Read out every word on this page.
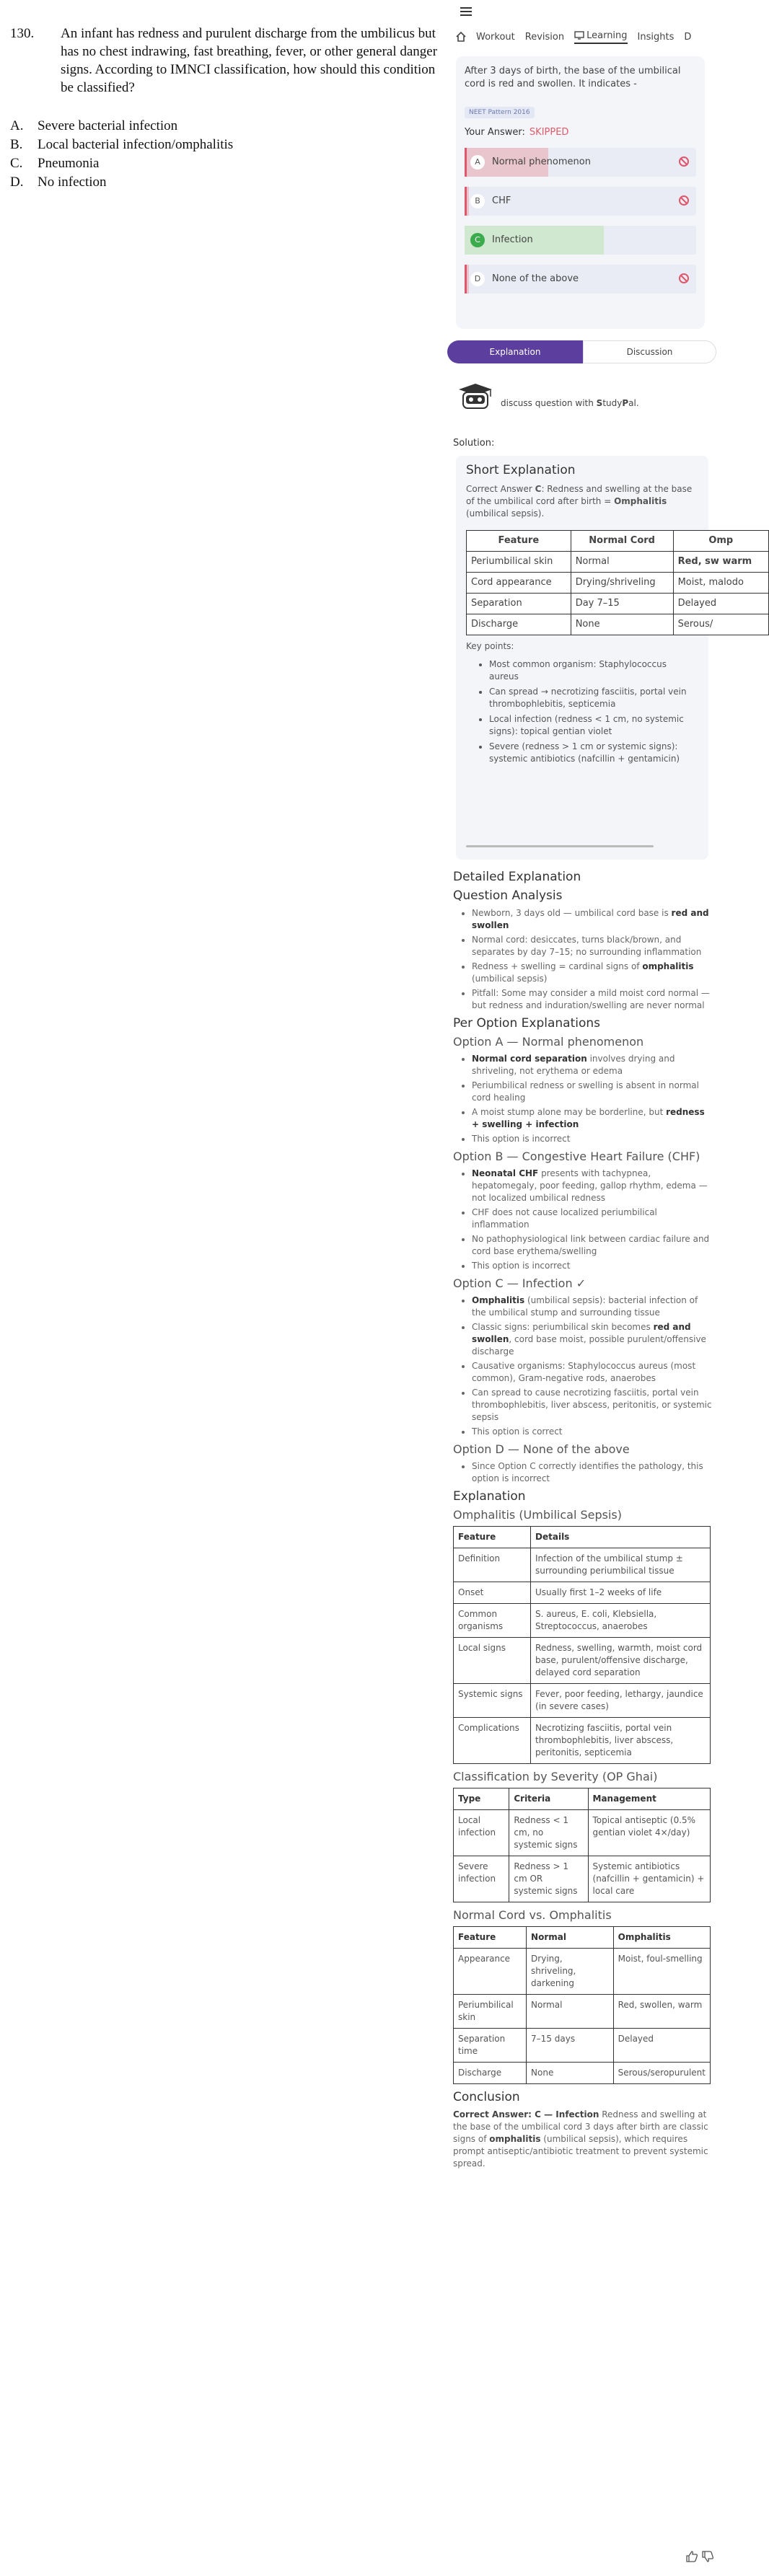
130.	An infant has redness and purulent discharge from the umbilicus but has no chest indrawing, fast breathing, fever, or other general danger signs. According to IMNCI classification, how should this condition be classified?
A. Severe bacterial infection
B. Local bacterial infection/omphalitis
C. Pneumonia
D. No infection
Workout Revision Learning Insights D
After 3 days of birth, the base of the umbilical cord is red and swollen. It indicates -
NEET Pattern 2016
Your Answer: SKIPPED
A	Normal phenomenon
B	CHF
C	Infection
D	None of the above
Explanation	Discussion
discuss question with StudyPal.
Solution:
Short Explanation
Correct Answer C: Redness and swelling at the base of the umbilical cord after birth = Omphalitis (umbilical sepsis).
Feature	Normal Cord	Omp
Periumbilical skin	Normal	Red, sw warm
Cord appearance	Drying/shriveling	Moist, malodo
Separation	Day 7–15	Delayed
Discharge	None	Serous/
Key points:
• Most common organism: Staphylococcus aureus
• Can spread → necrotizing fasciitis, portal vein thrombophlebitis, septicemia
• Local infection (redness < 1 cm, no systemic signs): topical gentian violet
• Severe (redness > 1 cm or systemic signs): systemic antibiotics (nafcillin + gentamicin)
Detailed Explanation
Question Analysis
• Newborn, 3 days old — umbilical cord base is red and swollen
• Normal cord: desiccates, turns black/brown, and separates by day 7–15; no surrounding inflammation
• Redness + swelling = cardinal signs of omphalitis (umbilical sepsis)
• Pitfall: Some may consider a mild moist cord normal — but redness and induration/swelling are never normal
Per Option Explanations
Option A — Normal phenomenon
• Normal cord separation involves drying and shriveling, not erythema or edema
• Periumbilical redness or swelling is absent in normal cord healing
• A moist stump alone may be borderline, but redness + swelling + infection
• This option is incorrect
Option B — Congestive Heart Failure (CHF)
• Neonatal CHF presents with tachypnea, hepatomegaly, poor feeding, gallop rhythm, edema — not localized umbilical redness
• CHF does not cause localized periumbilical inflammation
• No pathophysiological link between cardiac failure and cord base erythema/swelling
• This option is incorrect
Option C — Infection ✓
• Omphalitis (umbilical sepsis): bacterial infection of the umbilical stump and surrounding tissue
• Classic signs: periumbilical skin becomes red and swollen, cord base moist, possible purulent/offensive discharge
• Causative organisms: Staphylococcus aureus (most common), Gram-negative rods, anaerobes
• Can spread to cause necrotizing fasciitis, portal vein thrombophlebitis, liver abscess, peritonitis, or systemic sepsis
• This option is correct
Option D — None of the above
• Since Option C correctly identifies the pathology, this option is incorrect
Explanation
Omphalitis (Umbilical Sepsis)
Feature	Details
Definition	Infection of the umbilical stump ± surrounding periumbilical tissue
Onset	Usually first 1–2 weeks of life
Common organisms	S. aureus, E. coli, Klebsiella, Streptococcus, anaerobes
Local signs	Redness, swelling, warmth, moist cord base, purulent/offensive discharge, delayed cord separation
Systemic signs	Fever, poor feeding, lethargy, jaundice (in severe cases)
Complications	Necrotizing fasciitis, portal vein thrombophlebitis, liver abscess, peritonitis, septicemia
Classification by Severity (OP Ghai)
Type	Criteria	Management
Local infection	Redness < 1 cm, no systemic signs	Topical antiseptic (0.5% gentian violet 4×/day)
Severe infection	Redness > 1 cm OR systemic signs	Systemic antibiotics (nafcillin + gentamicin) + local care
Normal Cord vs. Omphalitis
Feature	Normal	Omphalitis
Appearance	Drying, shriveling, darkening	Moist, foul-smelling
Periumbilical skin	Normal	Red, swollen, warm
Separation time	7–15 days	Delayed
Discharge	None	Serous/seropurulent
Conclusion
Correct Answer: C — Infection Redness and swelling at the base of the umbilical cord 3 days after birth are classic signs of omphalitis (umbilical sepsis), which requires prompt antiseptic/antibiotic treatment to prevent systemic spread.
